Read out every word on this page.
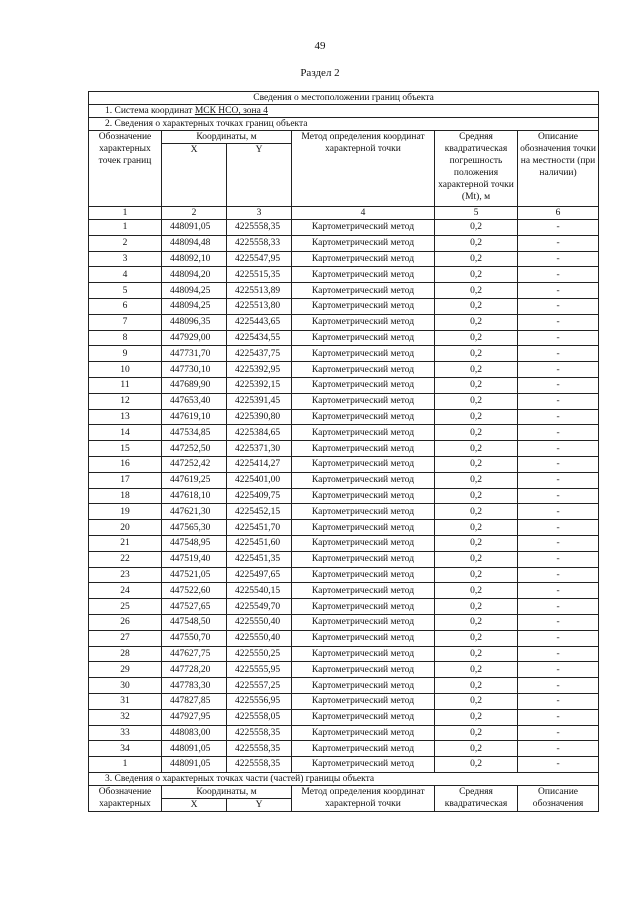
49
Раздел 2
Сведения о местоположении границ объекта					
1. Система координат МСК НСО, зона 4					
2. Сведения о характерных точках границ объекта					
Обозначение характерных точек границ	Координаты, м		Метод определения координат характерной точки	Средняя квадратическая погрешность положения характерной точки (Mt), м	Описание обозначения точки на местности (при наличии)
	X	Y			
1	2	3	4	5	6
1	448091,05	4225558,35	Картометрический метод	0,2	-
2	448094,48	4225558,33	Картометрический метод	0,2	-
3	448092,10	4225547,95	Картометрический метод	0,2	-
4	448094,20	4225515,35	Картометрический метод	0,2	-
5	448094,25	4225513,89	Картометрический метод	0,2	-
6	448094,25	4225513,80	Картометрический метод	0,2	-
7	448096,35	4225443,65	Картометрический метод	0,2	-
8	447929,00	4225434,55	Картометрический метод	0,2	-
9	447731,70	4225437,75	Картометрический метод	0,2	-
10	447730,10	4225392,95	Картометрический метод	0,2	-
11	447689,90	4225392,15	Картометрический метод	0,2	-
12	447653,40	4225391,45	Картометрический метод	0,2	-
13	447619,10	4225390,80	Картометрический метод	0,2	-
14	447534,85	4225384,65	Картометрический метод	0,2	-
15	447252,50	4225371,30	Картометрический метод	0,2	-
16	447252,42	4225414,27	Картометрический метод	0,2	-
17	447619,25	4225401,00	Картометрический метод	0,2	-
18	447618,10	4225409,75	Картометрический метод	0,2	-
19	447621,30	4225452,15	Картометрический метод	0,2	-
20	447565,30	4225451,70	Картометрический метод	0,2	-
21	447548,95	4225451,60	Картометрический метод	0,2	-
22	447519,40	4225451,35	Картометрический метод	0,2	-
23	447521,05	4225497,65	Картометрический метод	0,2	-
24	447522,60	4225540,15	Картометрический метод	0,2	-
25	447527,65	4225549,70	Картометрический метод	0,2	-
26	447548,50	4225550,40	Картометрический метод	0,2	-
27	447550,70	4225550,40	Картометрический метод	0,2	-
28	447627,75	4225550,25	Картометрический метод	0,2	-
29	447728,20	4225555,95	Картометрический метод	0,2	-
30	447783,30	4225557,25	Картометрический метод	0,2	-
31	447827,85	4225556,95	Картометрический метод	0,2	-
32	447927,95	4225558,05	Картометрический метод	0,2	-
33	448083,00	4225558,35	Картометрический метод	0,2	-
34	448091,05	4225558,35	Картометрический метод	0,2	-
1	448091,05	4225558,35	Картометрический метод	0,2	-
3. Сведения о характерных точках части (частей) границы объекта					
Обозначение характерных	Координаты, м		Метод определения координат характерной точки	Средняя квадратическая	Описание обозначения
	X	Y			
